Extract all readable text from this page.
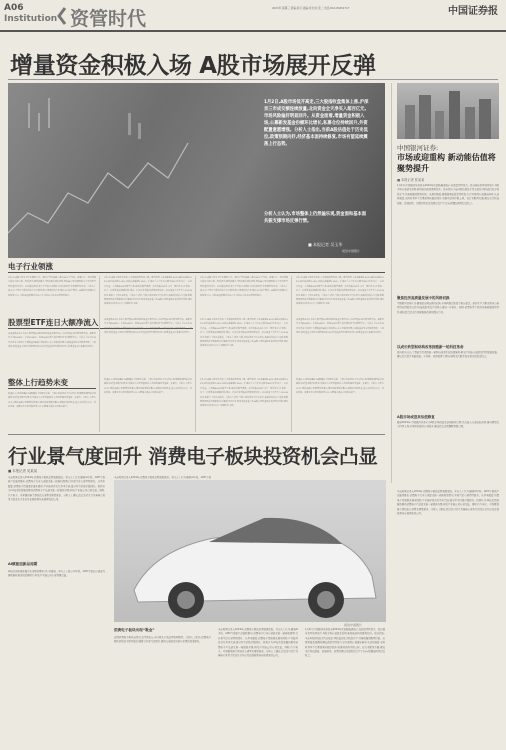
A06
Institution 资管时代	2023年 星期三 责编:孙可 美编:刘 校对:张二 电话:010-83251717	中国证券报
增量资金积极入场 A股市场展开反弹
1月2日,A股市场低开高走,三大股指收盘集体上涨,沪深京三市成交额连续放量,北向资金全天净买入超百亿元,市场风险偏好明显回升。从资金面看,增量资金积极入场,公募新发基金份额环比增长,私募仓位持续回升,外资配置意愿增强。分析人士指出,当前A股估值处于历史低位,政策预期向好,经济基本面持续修复,市场有望延续震荡上行态势。
分析人士认为,市场整体上仍然偏乐观,资金面和基本面共振支撑市场反弹行情。
■ 本报记者 吴玉华
视觉中国图片
电子行业领涨
1月2日,A股市场电子行业领涨,申万一级电子行业指数上涨2.85%,半导体、消费电子、元件等细分板块全线上涨。机构表示,随着消费电子终端需求逐步回暖,叠加AI应用加速落地,电子行业景气度有望持续回升。从业绩层面看,部分半导体公司库存去化接近尾声,毛利率有所改善。分析人士指出,电子行业当前估值处于历史相对低位,配置价值凸显,建议关注国产替代、AI硬件及消费电子创新等方向。机构资金近期持续流入电子板块,市场关注度明显提升。
1月2日,A股市场低开高走,三大股指收盘集体上涨。截至收盘,上证指数涨0.62%,深证成指涨1.03%,创业板指涨1.30%,北证50指数涨1.85%。沪深北三市合计成交额为9877亿元,较上一交易日放量。市场超4000只股票上涨,逾百只股票涨停。从行业板块来看,申万一级行业中,计算机、电子、传媒等板块涨幅居前,煤炭、石油石化等板块表现相对较弱。北向资金全天净买入114.26亿元,创近三个月以来新高。分析人士表示,当前市场估值处于历史低位,具备较高的安全边际,政策面积极因素不断累积,经济数据持续改善,叠加增量资金入场,A股市场有望迎来估值修复行情,建议投资者关注科技成长与消费复苏主线。
1月2日,A股市场电子行业领涨,申万一级电子行业指数上涨2.85%,半导体、消费电子、元件等细分板块全线上涨。机构表示,随着消费电子终端需求逐步回暖,叠加AI应用加速落地,电子行业景气度有望持续回升。从业绩层面看,部分半导体公司库存去化接近尾声,毛利率有所改善。分析人士指出,电子行业当前估值处于历史相对低位,配置价值凸显,建议关注国产替代、AI硬件及消费电子创新等方向。机构资金近期持续流入电子板块,市场关注度明显提升。
1月2日,A股市场低开高走,三大股指收盘集体上涨。截至收盘,上证指数涨0.62%,深证成指涨1.03%,创业板指涨1.30%,北证50指数涨1.85%。沪深北三市合计成交额为9877亿元,较上一交易日放量。市场超4000只股票上涨,逾百只股票涨停。从行业板块来看,申万一级行业中,计算机、电子、传媒等板块涨幅居前,煤炭、石油石化等板块表现相对较弱。北向资金全天净买入114.26亿元,创近三个月以来新高。分析人士表示,当前市场估值处于历史低位,具备较高的安全边际,政策面积极因素不断累积,经济数据持续改善,叠加增量资金入场,A股市场有望迎来估值修复行情,建议投资者关注科技成长与消费复苏主线。
股票型ETF连日大额净流入
从资金面来看,1月2日,股票型ETF继续获得资金大额净流入,多只宽基ETF份额显著增加。数据显示,沪深300ETF、中证500ETF、科创50ETF等产品份额均有不同程度增长。分析人士认为,ETF持续净流入体现了长期资金对A股市场的信心,在市场底部区域,长线资金逆势布局特征明显。与此同时,新发基金市场也出现回暖迹象,权益类基金发行份额环比增长,私募基金仓位指数持续回升。
从资金面来看,1月2日,股票型ETF继续获得资金大额净流入,多只宽基ETF份额显著增加。数据显示,沪深300ETF、中证500ETF、科创50ETF等产品份额均有不同程度增长。分析人士认为,ETF持续净流入体现了长期资金对A股市场的信心,在市场底部区域,长线资金逆势布局特征明显。与此同时,新发基金市场也出现回暖迹象,权益类基金发行份额环比增长,私募基金仓位指数持续回升。
1月2日,A股市场低开高走,三大股指收盘集体上涨。截至收盘,上证指数涨0.62%,深证成指涨1.03%,创业板指涨1.30%,北证50指数涨1.85%。沪深北三市合计成交额为9877亿元,较上一交易日放量。市场超4000只股票上涨,逾百只股票涨停。从行业板块来看,申万一级行业中,计算机、电子、传媒等板块涨幅居前,煤炭、石油石化等板块表现相对较弱。北向资金全天净买入114.26亿元,创近三个月以来新高。分析人士表示,当前市场估值处于历史低位,具备较高的安全边际,政策面积极因素不断累积,经济数据持续改善,叠加增量资金入场,A股市场有望迎来估值修复行情,建议投资者关注科技成长与消费复苏主线。
从资金面来看,1月2日,股票型ETF继续获得资金大额净流入,多只宽基ETF份额显著增加。数据显示,沪深300ETF、中证500ETF、科创50ETF等产品份额均有不同程度增长。分析人士认为,ETF持续净流入体现了长期资金对A股市场的信心,在市场底部区域,长线资金逆势布局特征明显。与此同时,新发基金市场也出现回暖迹象,权益类基金发行份额环比增长,私募基金仓位指数持续回升。
整体上行趋势未变
展望后市,机构普遍认为A股整体上行趋势未变。当前市场估值处于历史低位,政策面积极因素持续累积,经济基本面持续修复,外资流入态势有望延续,市场风险偏好有望进一步提升。分析人士表示,从中长期看,A股市场配置价值突出,建议投资者保持耐心,把握结构性机会,重点关注科技成长、高端制造、消费复苏以及高股息等方向,在震荡中逐步布局优质资产。
展望后市,机构普遍认为A股整体上行趋势未变。当前市场估值处于历史低位,政策面积极因素持续累积,经济基本面持续修复,外资流入态势有望延续,市场风险偏好有望进一步提升。分析人士表示,从中长期看,A股市场配置价值突出,建议投资者保持耐心,把握结构性机会,重点关注科技成长、高端制造、消费复苏以及高股息等方向,在震荡中逐步布局优质资产。
1月2日,A股市场低开高走,三大股指收盘集体上涨。截至收盘,上证指数涨0.62%,深证成指涨1.03%,创业板指涨1.30%,北证50指数涨1.85%。沪深北三市合计成交额为9877亿元,较上一交易日放量。市场超4000只股票上涨,逾百只股票涨停。从行业板块来看,申万一级行业中,计算机、电子、传媒等板块涨幅居前,煤炭、石油石化等板块表现相对较弱。北向资金全天净买入114.26亿元,创近三个月以来新高。分析人士表示,当前市场估值处于历史低位,具备较高的安全边际,政策面积极因素不断累积,经济数据持续改善,叠加增量资金入场,A股市场有望迎来估值修复行情,建议投资者关注科技成长与消费复苏主线。
展望后市,机构普遍认为A股整体上行趋势未变。当前市场估值处于历史低位,政策面积极因素持续累积,经济基本面持续修复,外资流入态势有望延续,市场风险偏好有望进一步提升。分析人士表示,从中长期看,A股市场配置价值突出,建议投资者保持耐心,把握结构性机会,重点关注科技成长、高端制造、消费复苏以及高股息等方向,在震荡中逐步布局优质资产。
中国银河证券:
市场或迎重构 新动能估值将聚势提升
■ 本报记者 张某某
1月2日,中国银河证券发布2024年度策略展望表示,在政策持续发力、经济稳步复苏的背景下,A股市场有望迎来重构,新动能估值将聚势提升。报告指出,当前A股估值处于历史低位,风险溢价处于较高水平,具备较强的配置价值。从盈利端看,随着稳增长政策持续发力,企业盈利有望逐步修复;从估值端看,无风险利率下行叠加风险偏好回升,将推动估值中枢上移。在行业配置方面,建议关注科技创新、高端制造、消费升级以及高股息资产等方向,把握结构性投资机会。
聚焦经济高质量发展中的风格切换
中国银河证券认为,随着经济增长模式转换,市场风格也将发生相应变化。新质生产力相关领域有望持续获得政策支持,科技创新类资产估值有望进一步提升。同时,消费复苏主线仍具备较强的持续性,建议投资者关注供需格局改善的细分行业。
以成长转型和结构改革拥抱新一轮科技革命
报告指出,以人工智能为代表的新一轮科技革命正在加速演进,相关产业链有望迎来持续发展机遇。建议关注算力基础设施、半导体、软件服务等领域,同时关注数字经济相关的投资机会。
A股市场或迎来估值修复
展望2024年,中国银河证券认为A股市场或迎来估值修复行情,外资流入有望边际改善,国内增量资金持续入场,市场风险偏好有望提升,建议投资者把握配置窗口期。
行业景气度回升 消费电子板块投资机会凸显
■ 本报记者 吴某某
当前时间已进入2024年,消费电子板块近期表现活跃。业内人士认为,随着AI手机、AIPC等创新产品陆续推出,消费电子行业有望迎来新一轮换机周期,行业景气度有望持续回升。从基本面看,消费电子终端需求逐步回暖,产业链库存去化基本完成,部分环节价格企稳回升。机构认为,AI技术的发展将推动消费电子产品迎来新一轮创新升级,相关产业链公司有望受益。同时,汽车电子、可穿戴设备等领域也有望带来增量需求。分析人士建议,投资者可关注具备核心竞争力的龙头企业以及在创新领域布局领先的公司。
AI赋能迎新品周期
AI技术的快速发展正在重塑消费电子行业格局。业内人士表示,AI手机、AIPC等新品有望成为推动换机需求的重要动力,相关产业链公司有望显著受益。
当前时间已进入2024年,消费电子板块近期表现活跃。业内人士认为,随着AI手机、AIPC等创
消费电子板块出现“吸金”
近期消费电子板块获得资金持续流入,多只相关个股获得机构增持。分析人士指出,消费电子板块估值处于相对低位,随着行业景气度回升,板块有望迎来估值与业绩的双重修复。
当前时间已进入2024年,消费电子板块近期表现活跃。业内人士认为,随着AI手机、AIPC等创新产品陆续推出,消费电子行业有望迎来新一轮换机周期,行业景气度有望持续回升。从基本面看,消费电子终端需求逐步回暖,产业链库存去化基本完成,部分环节价格企稳回升。机构认为,AI技术的发展将推动消费电子产品迎来新一轮创新升级,相关产业链公司有望受益。同时,汽车电子、可穿戴设备等领域也有望带来增量需求。分析人士建议,投资者可关注具备核心竞争力的龙头企业以及在创新领域布局领先的公司。
1月2日,中国银河证券发布2024年度策略展望表示,在政策持续发力、经济稳步复苏的背景下,A股市场有望迎来重构,新动能估值将聚势提升。报告指出,当前A股估值处于历史低位,风险溢价处于较高水平,具备较强的配置价值。从盈利端看,随着稳增长政策持续发力,企业盈利有望逐步修复;从估值端看,无风险利率下行叠加风险偏好回升,将推动估值中枢上移。在行业配置方面,建议关注科技创新、高端制造、消费升级以及高股息资产等方向,把握结构性投资机会。
当前时间已进入2024年,消费电子板块近期表现活跃。业内人士认为,随着AI手机、AIPC等创新产品陆续推出,消费电子行业有望迎来新一轮换机周期,行业景气度有望持续回升。从基本面看,消费电子终端需求逐步回暖,产业链库存去化基本完成,部分环节价格企稳回升。机构认为,AI技术的发展将推动消费电子产品迎来新一轮创新升级,相关产业链公司有望受益。同时,汽车电子、可穿戴设备等领域也有望带来增量需求。分析人士建议,投资者可关注具备核心竞争力的龙头企业以及在创新领域布局领先的公司。
视觉中国图片
